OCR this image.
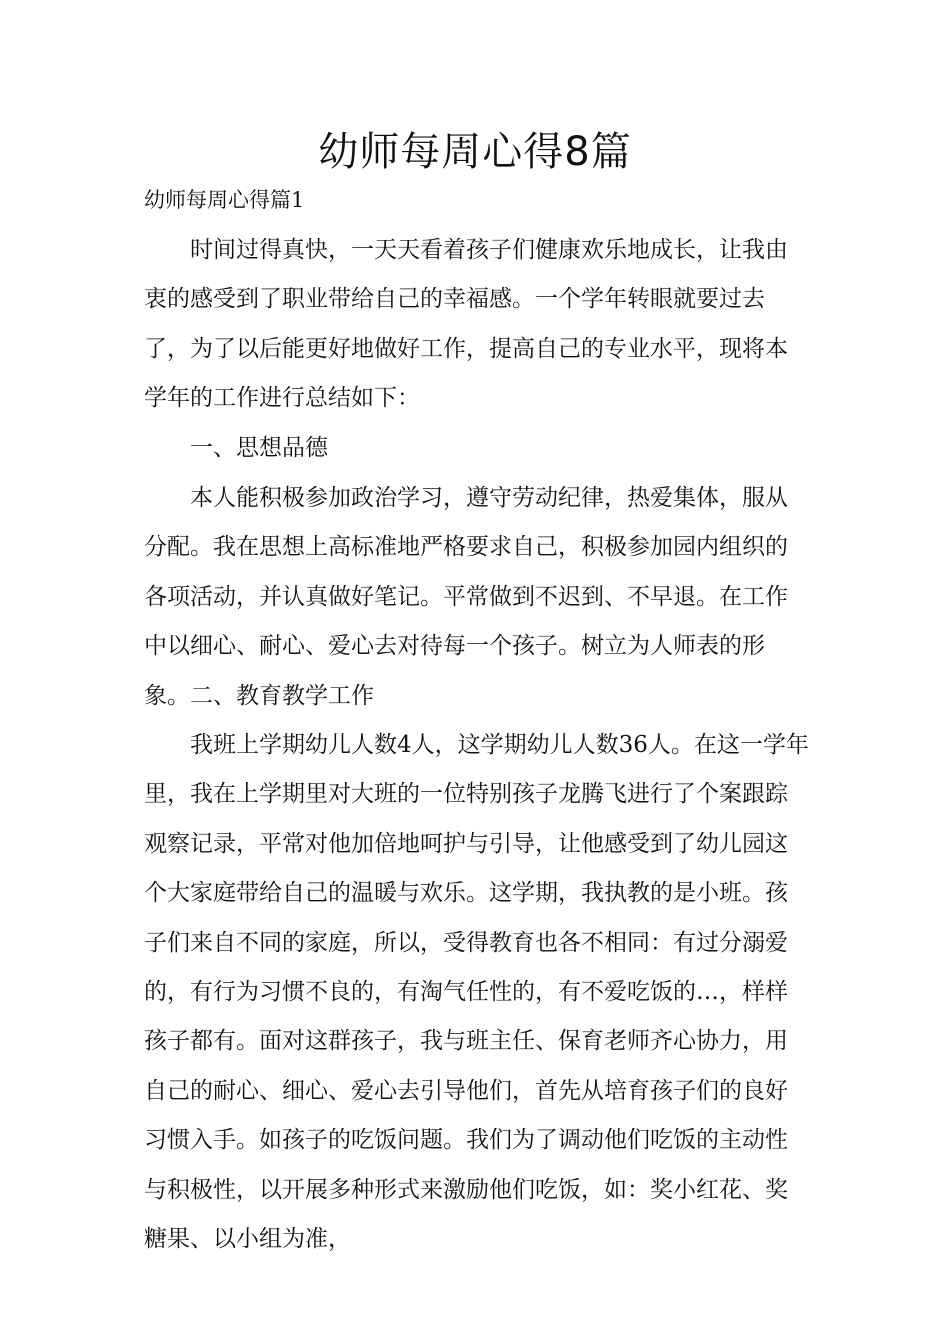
幼师每周心得8篇
幼师每周心得篇1
时间过得真快，一天天看着孩子们健康欢乐地成长，让我由衷的感受到了职业带给自己的幸福感。一个学年转眼就要过去了，为了以后能更好地做好工作，提高自己的专业水平，现将本学年的工作进行总结如下：
一、思想品德
本人能积极参加政治学习，遵守劳动纪律，热爱集体，服从分配。我在思想上高标准地严格要求自己，积极参加园内组织的各项活动，并认真做好笔记。平常做到不迟到、不早退。在工作中以细心、耐心、爱心去对待每一个孩子。树立为人师表的形象。 二、教育教学工作
我班上学期幼儿人数4人，这学期幼儿人数36人。在这一学年里，我在上学期里对大班的一位特别孩子龙腾飞进行了个案跟踪观察记录，平常对他加倍地呵护与引导，让他感受到了幼儿园这个大家庭带给自己的温暖与欢乐。这学期，我执教的是小班。孩子们来自不同的家庭，所以，受得教育也各不相同：有过分溺爱的，有行为习惯不良的，有淘气任性的，有不爱吃饭的…，样样孩子都有。面对这群孩子，我与班主任、保育老师齐心协力，用自己的耐心、细心、爱心去引导他们，首先从培育孩子们的良好习惯入手。如孩子的吃饭问题。我们为了调动他们吃饭的主动性与积极性，以开展多种形式来激励他们吃饭，如：奖小红花、奖糖果、以小组为准，
